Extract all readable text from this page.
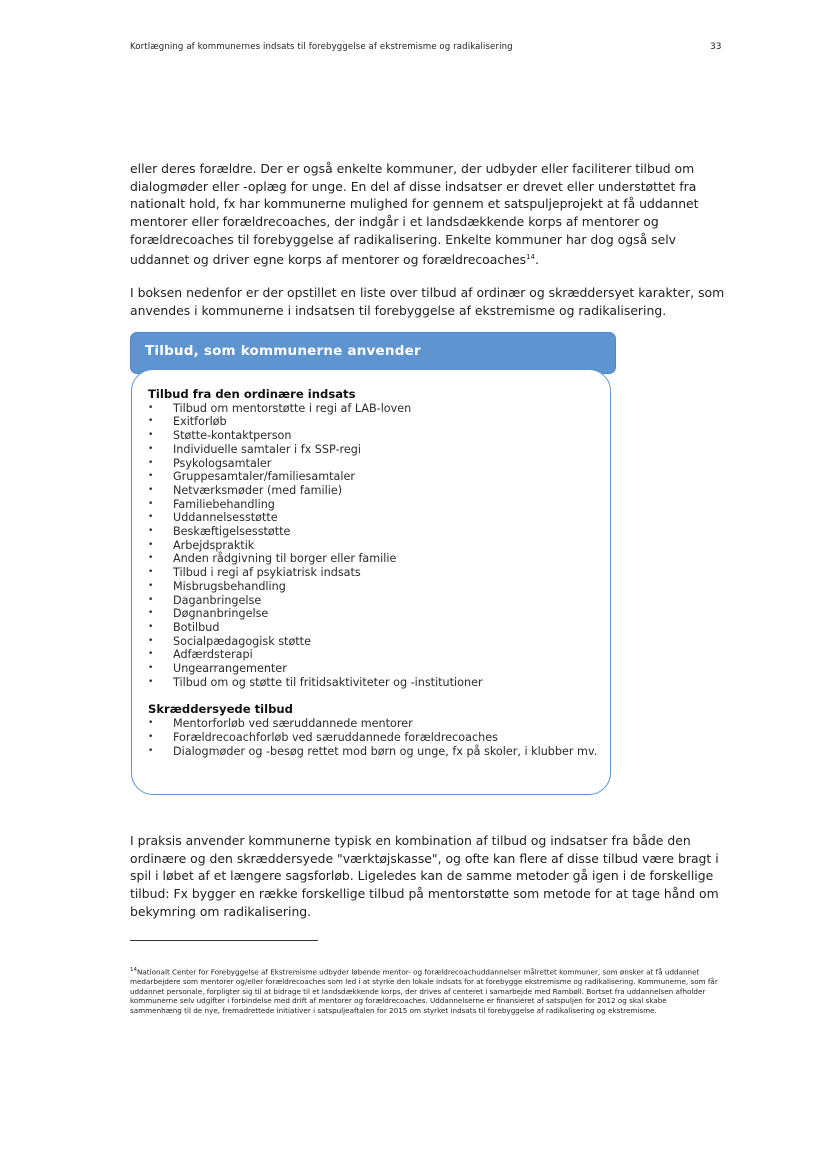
Kortlægning af kommunernes indsats til forebyggelse af ekstremisme og radikalisering	33

eller deres forældre. Der er også enkelte kommuner, der udbyder eller faciliterer tilbud om dialogmøder eller -oplæg for unge. En del af disse indsatser er drevet eller understøttet fra nationalt hold, fx har kommunerne mulighed for gennem et satspuljeprojekt at få uddannet mentorer eller forældrecoaches, der indgår i et landsdækkende korps af mentorer og forældrecoaches til forebyggelse af radikalisering. Enkelte kommuner har dog også selv uddannet og driver egne korps af mentorer og forældrecoaches$^{14}$.

I boksen nedenfor er der opstillet en liste over tilbud af ordinær og skræddersyet karakter, som anvendes i kommunerne i indsatsen til forebyggelse af ekstremisme og radikalisering.

Tilbud, som kommunerne anvender

Tilbud fra den ordinære indsats

• Tilbud om mentorstøtte i regi af LAB-loven
• Exitforløb
• Støtte-kontaktperson
• Individuelle samtaler i fx SSP-regi
• Psykologsamtaler
• Gruppesamtaler/familiesamtaler
• Netværksmøder (med familie)
• Familiebehandling
• Uddannelsesstøtte
• Beskæftigelsesstøtte
• Arbejdspraktik
• Anden rådgivning til borger eller familie
• Tilbud i regi af psykiatrisk indsats
• Misbrugsbehandling
• Daganbringelse
• Døgnanbringelse
• Botilbud
• Socialpædagogisk støtte
• Adfærdsterapi
• Ungearrangementer
• Tilbud om og støtte til fritidsaktiviteter og -institutioner

Skræddersyede tilbud

• Mentorforløb ved særuddannede mentorer
• Forældrecoachforløb ved særuddannede forældrecoaches
• Dialogmøder og -besøg rettet mod børn og unge, fx på skoler, i klubber mv.

I praksis anvender kommunerne typisk en kombination af tilbud og indsatser fra både den ordinære og den skræddersyede "værktøjskasse", og ofte kan flere af disse tilbud være bragt i spil i løbet af et længere sagsforløb. Ligeledes kan de samme metoder gå igen i de forskellige tilbud: Fx bygger en række forskellige tilbud på mentorstøtte som metode for at tage hånd om bekymring om radikalisering.

$^{14}$Nationalt Center for Forebyggelse af Ekstremisme udbyder løbende mentor- og forældrecoachuddannelser målrettet kommuner, som ønsker at få uddannet medarbejdere som mentorer og/eller forældrecoaches som led i at styrke den lokale indsats for at forebygge ekstremisme og radikalisering. Kommunerne, som får uddannet personale, forpligter sig til at bidrage til et landsdækkende korps, der drives af centeret i samarbejde med Rambøll. Bortset fra uddannelsen afholder kommunerne selv udgifter i forbindelse med drift af mentorer og forældrecoaches. Uddannelserne er finansieret af satspuljen for 2012 og skal skabe sammenhæng til de nye, fremadrettede initiativer i satspuljeaftalen for 2015 om styrket indsats til forebyggelse af radikalisering og ekstremisme.
